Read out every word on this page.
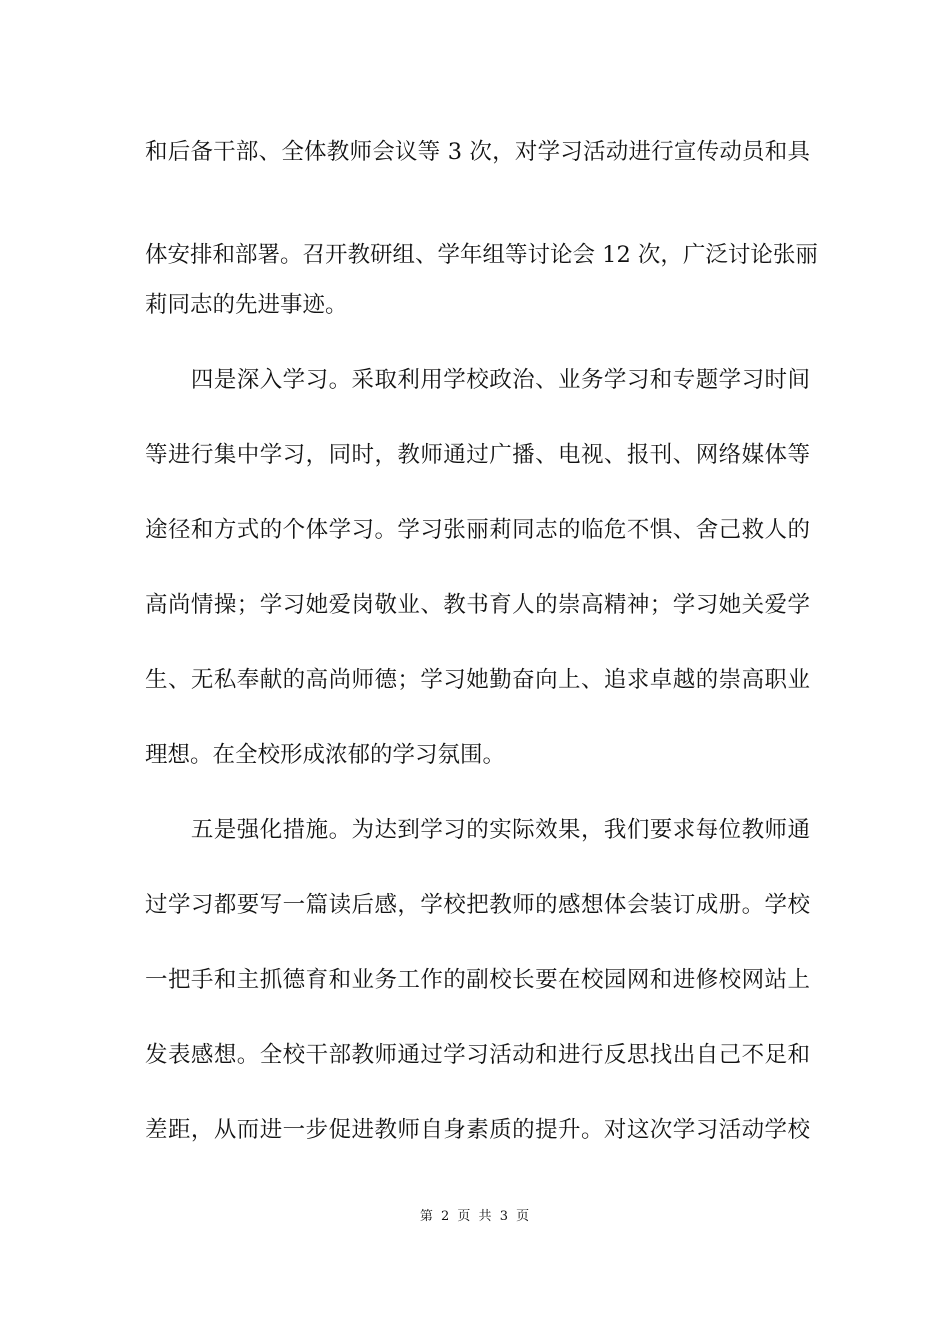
和后备干部、全体教师会议等 3 次，对学习活动进行宣传动员和具
体安排和部署。召开教研组、学年组等讨论会 12 次，广泛讨论张丽
莉同志的先进事迹。
　　四是深入学习。采取利用学校政治、业务学习和专题学习时间
等进行集中学习，同时，教师通过广播、电视、报刊、网络媒体等
途径和方式的个体学习。学习张丽莉同志的临危不惧、舍己救人的
高尚情操；学习她爱岗敬业、教书育人的崇高精神；学习她关爱学
生、无私奉献的高尚师德；学习她勤奋向上、追求卓越的崇高职业
理想。在全校形成浓郁的学习氛围。
　　五是强化措施。为达到学习的实际效果，我们要求每位教师通
过学习都要写一篇读后感，学校把教师的感想体会装订成册。学校
一把手和主抓德育和业务工作的副校长要在校园网和进修校网站上
发表感想。全校干部教师通过学习活动和进行反思找出自己不足和
差距，从而进一步促进教师自身素质的提升。对这次学习活动学校
第 2 页 共 3 页
